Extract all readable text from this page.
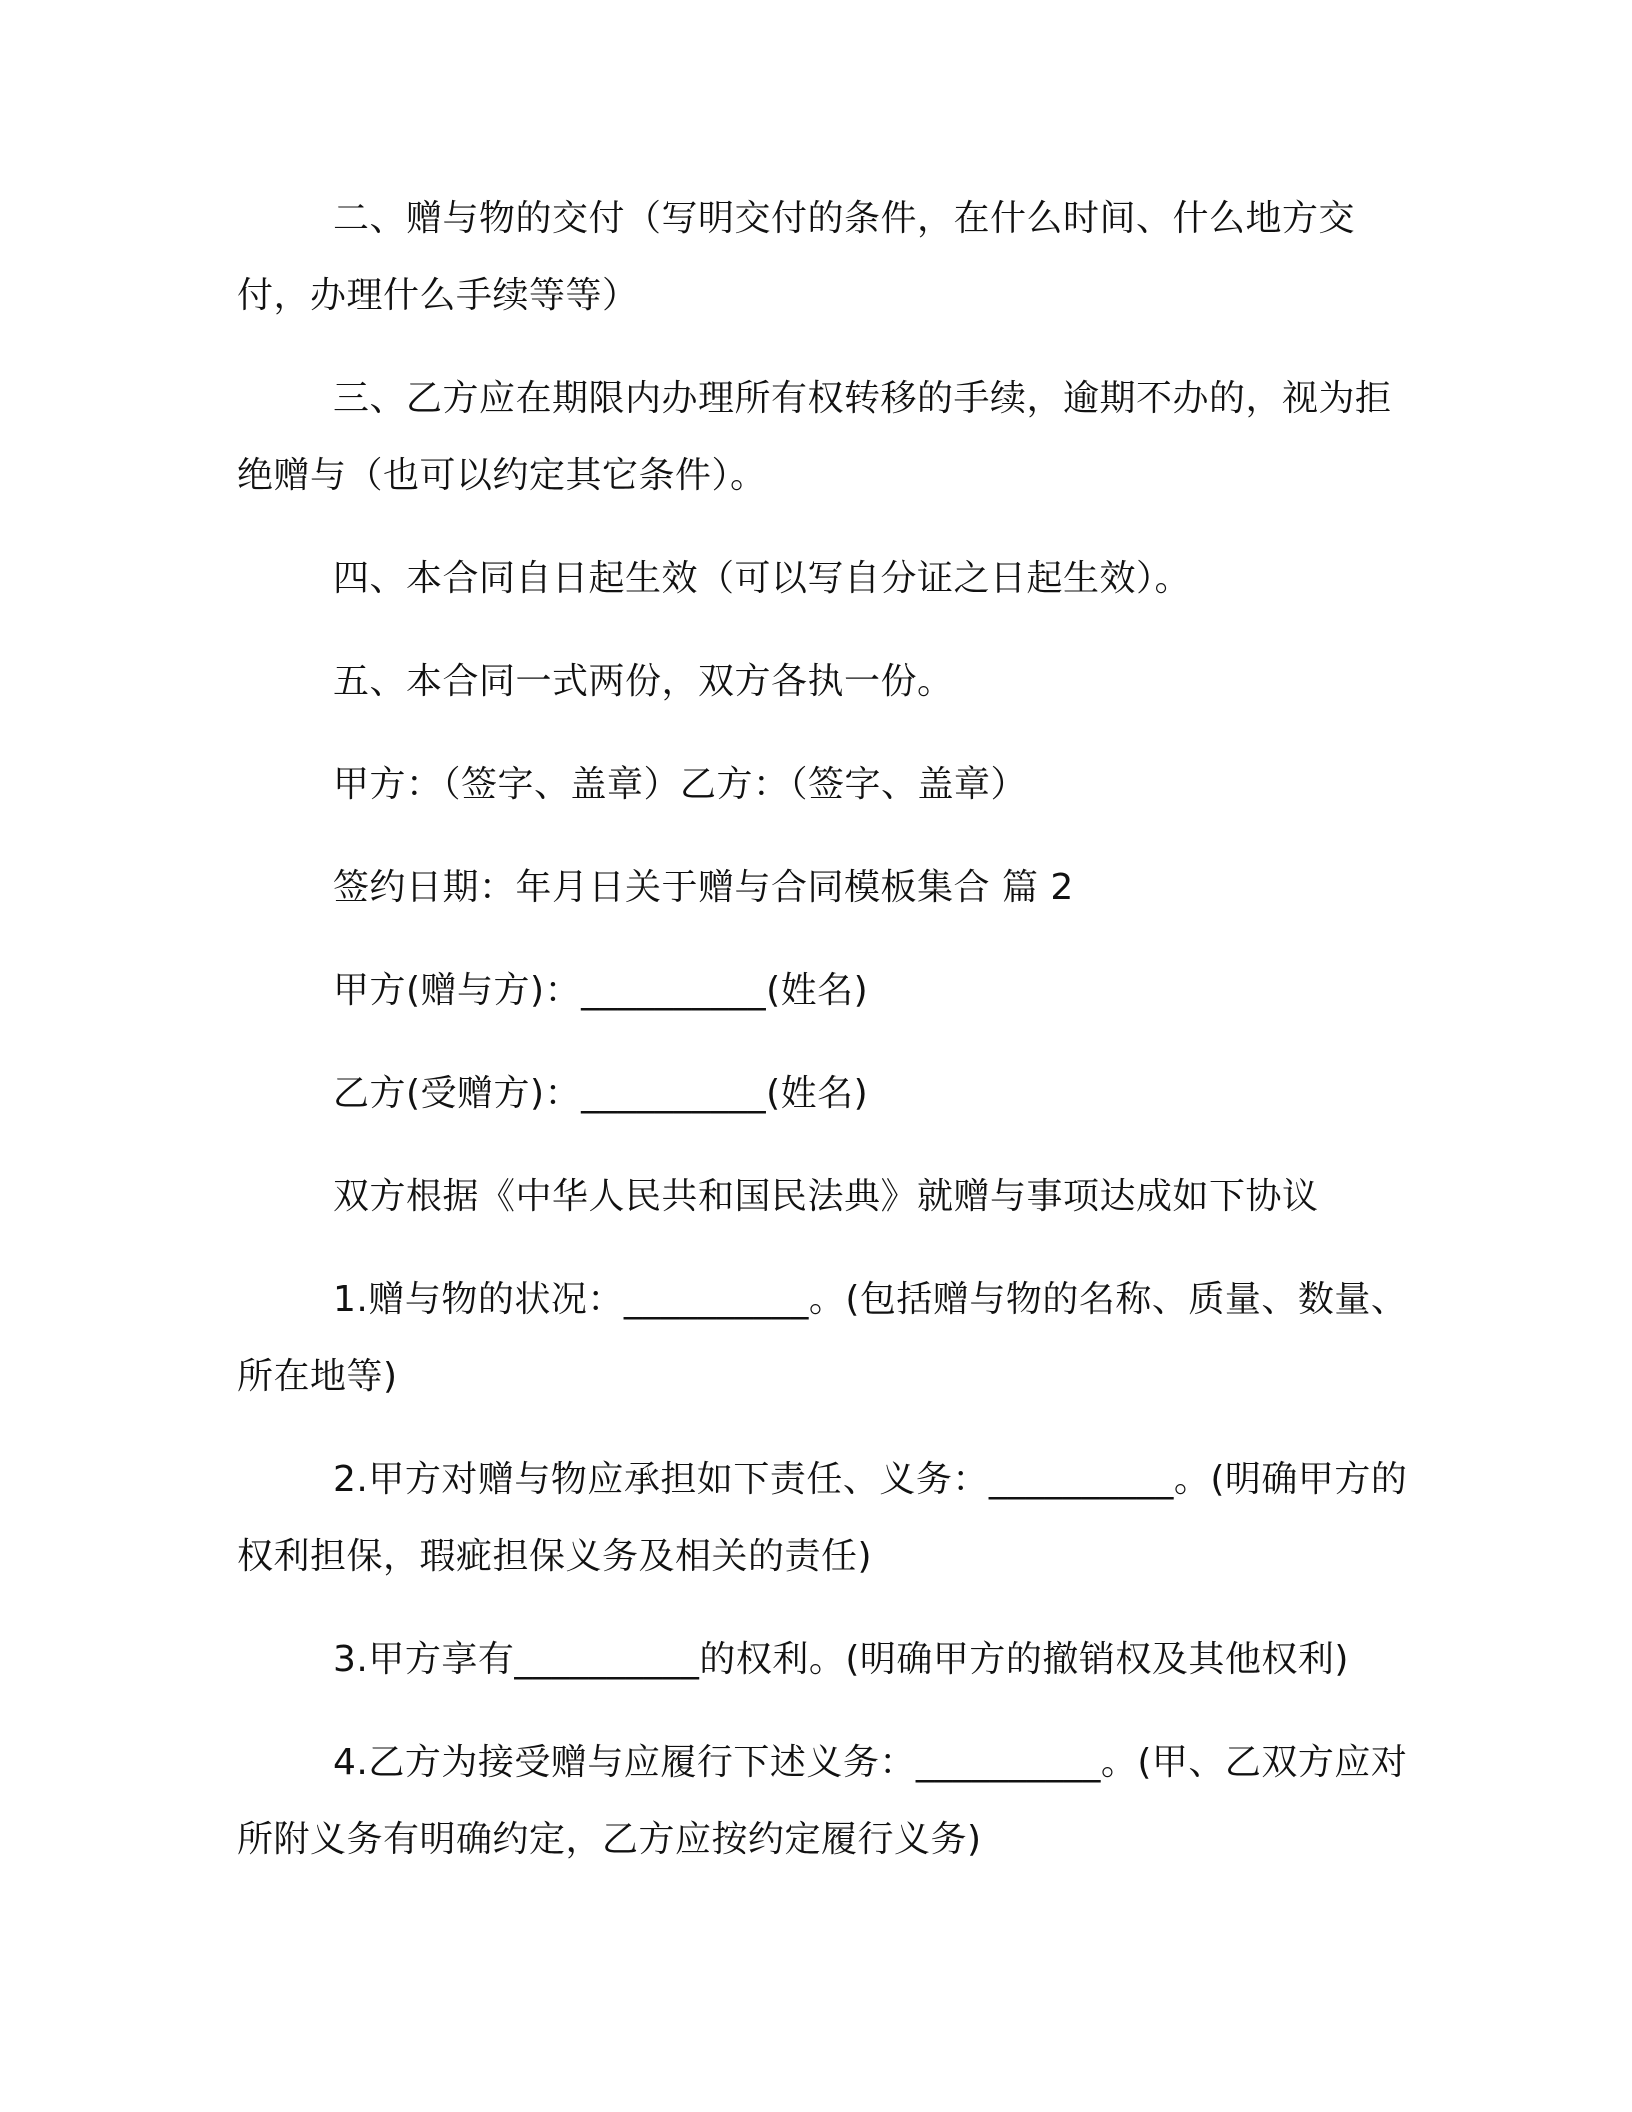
二、赠与物的交付（写明交付的条件，在什么时间、什么地方交付，办理什么手续等等）

三、乙方应在期限内办理所有权转移的手续，逾期不办的，视为拒绝赠与（也可以约定其它条件）。

四、本合同自日起生效（可以写自分证之日起生效）。

五、本合同一式两份，双方各执一份。

甲方：（签字、盖章）乙方：（签字、盖章）

签约日期：年月日关于赠与合同模板集合 篇 2

甲方(赠与方)：__________(姓名)

乙方(受赠方)：__________(姓名)

双方根据《中华人民共和国民法典》就赠与事项达成如下协议

1.赠与物的状况：__________。(包括赠与物的名称、质量、数量、所在地等)

2.甲方对赠与物应承担如下责任、义务：__________。(明确甲方的权利担保，瑕疵担保义务及相关的责任)

3.甲方享有__________的权利。(明确甲方的撤销权及其他权利)

4.乙方为接受赠与应履行下述义务：__________。(甲、乙双方应对所附义务有明确约定，乙方应按约定履行义务)
